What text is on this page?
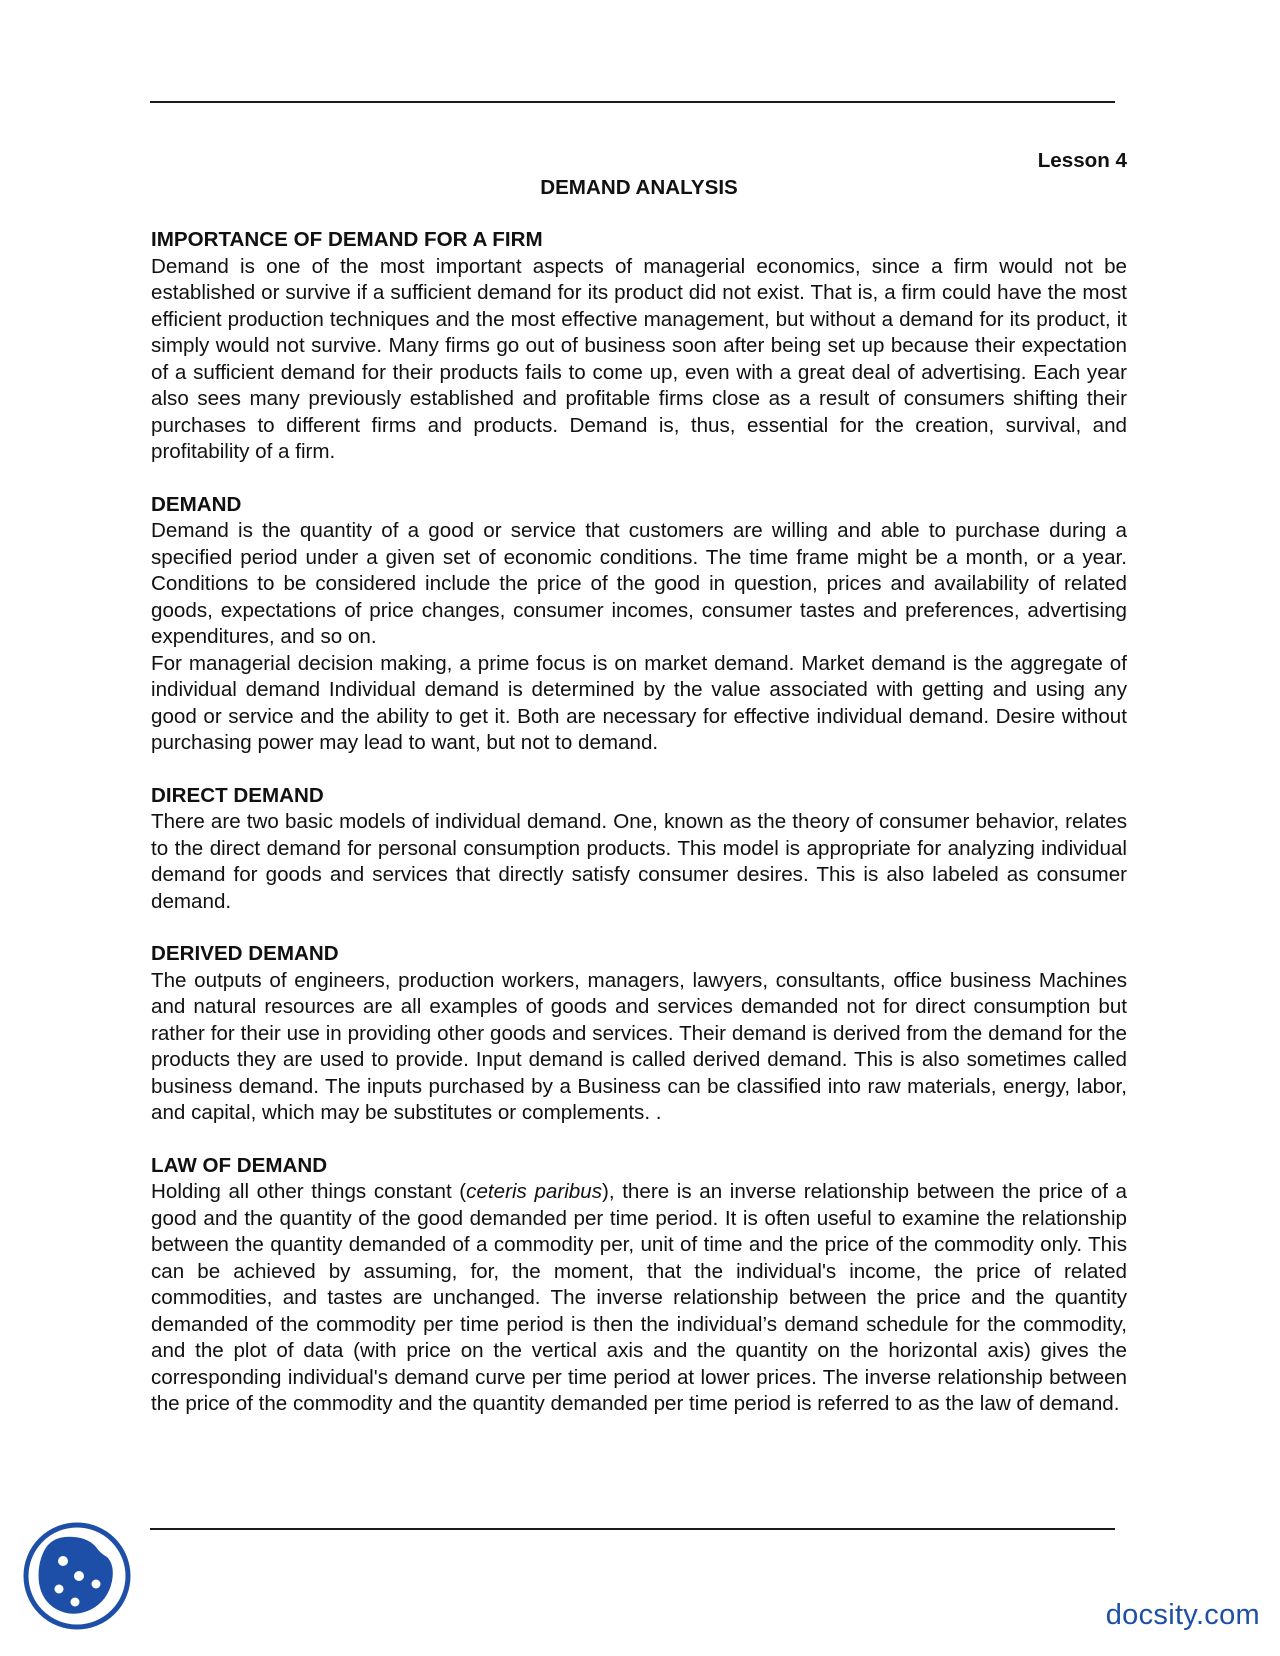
Lesson 4

DEMAND ANALYSIS

IMPORTANCE OF DEMAND FOR A FIRM

Demand is one of the most important aspects of managerial economics, since a firm would not be established or survive if a sufficient demand for its product did not exist. That is, a firm could have the most efficient production techniques and the most effective management, but without a demand for its product, it simply would not survive. Many firms go out of business soon after being set up because their expectation of a sufficient demand for their products fails to come up, even with a great deal of advertising. Each year also sees many previously established and profitable firms close as a result of consumers shifting their purchases to different firms and products. Demand is, thus, essential for the creation, survival, and profitability of a firm.

DEMAND

Demand is the quantity of a good or service that customers are willing and able to purchase during a specified period under a given set of economic conditions. The time frame might be a month, or a year. Conditions to be considered include the price of the good in question, prices and availability of related goods, expectations of price changes, consumer incomes, consumer tastes and preferences, advertising expenditures, and so on.

For managerial decision making, a prime focus is on market demand. Market demand is the aggregate of individual demand Individual demand is determined by the value associated with getting and using any good or service and the ability to get it. Both are necessary for effective individual demand. Desire without purchasing power may lead to want, but not to demand.

DIRECT DEMAND

There are two basic models of individual demand. One, known as the theory of consumer behavior, relates to the direct demand for personal consumption products. This model is appropriate for analyzing individual demand for goods and services that directly satisfy consumer desires. This is also labeled as consumer demand.

DERIVED DEMAND

The outputs of engineers, production workers, managers, lawyers, consultants, office business Machines and natural resources are all examples of goods and services demanded not for direct consumption but rather for their use in providing other goods and services. Their demand is derived from the demand for the products they are used to provide. Input demand is called derived demand. This is also sometimes called business demand. The inputs purchased by a Business can be classified into raw materials, energy, labor, and capital, which may be substitutes or complements. .

LAW OF DEMAND

Holding all other things constant (ceteris paribus), there is an inverse relationship between the price of a good and the quantity of the good demanded per time period. It is often useful to examine the relationship between the quantity demanded of a commodity per, unit of time and the price of the commodity only. This can be achieved by assuming, for, the moment, that the individual's income, the price of related commodities, and tastes are unchanged. The inverse relationship between the price and the quantity demanded of the commodity per time period is then the individual’s demand schedule for the commodity, and the plot of data (with price on the vertical axis and the quantity on the horizontal axis) gives the corresponding individual's demand curve per time period at lower prices. The inverse relationship between the price of the commodity and the quantity demanded per time period is referred to as the law of demand.

docsity.com
